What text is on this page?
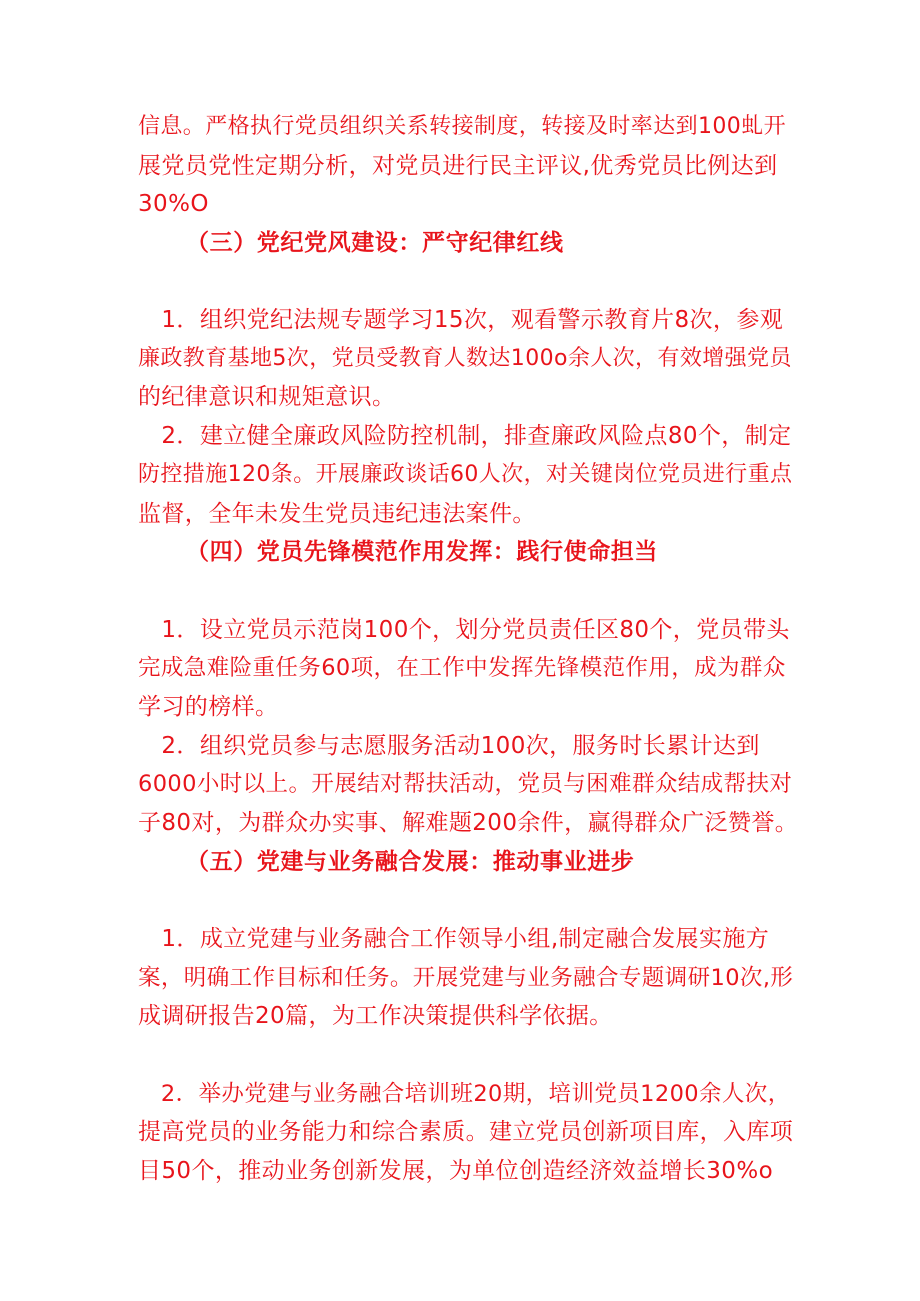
信息。严格执行党员组织关系转接制度，转接及时率达到100虬开
展党员党性定期分析，对党员进行民主评议,优秀党员比例达到
30%O
（三）党纪党风建设：严守纪律红线
　1．组织党纪法规专题学习15次，观看警示教育片8次，参观
廉政教育基地5次，党员受教育人数达100o余人次，有效增强党员
的纪律意识和规矩意识。
　2．建立健全廉政风险防控机制，排查廉政风险点80个，制定
防控措施120条。开展廉政谈话60人次，对关键岗位党员进行重点
监督，全年未发生党员违纪违法案件。
（四）党员先锋模范作用发挥：践行使命担当
　1．设立党员示范岗100个，划分党员责任区80个，党员带头
完成急难险重任务60项，在工作中发挥先锋模范作用，成为群众
学习的榜样。
　2．组织党员参与志愿服务活动100次，服务时长累计达到
6000小时以上。开展结对帮扶活动，党员与困难群众结成帮扶对
子80对，为群众办实事、解难题200余件，赢得群众广泛赞誉。
（五）党建与业务融合发展：推动事业进步
　1．成立党建与业务融合工作领导小组,制定融合发展实施方
案，明确工作目标和任务。开展党建与业务融合专题调研10次,形
成调研报告20篇，为工作决策提供科学依据。
　2．举办党建与业务融合培训班20期，培训党员1200余人次，
提高党员的业务能力和综合素质。建立党员创新项目库，入库项
目50个，推动业务创新发展，为单位创造经济效益增长30%o
